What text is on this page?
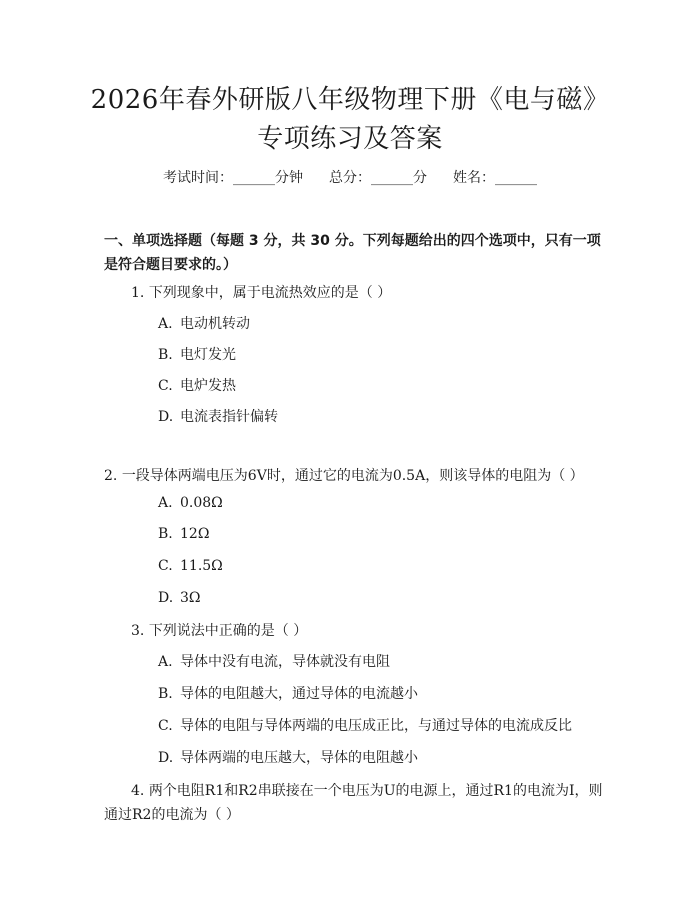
2026年春外研版八年级物理下册《电与磁》
专项练习及答案
考试时间：______分钟 总分：______分 姓名：______
一、单项选择题（每题 3 分，共 30 分。下列每题给出的四个选项中，只有一项是符合题目要求的。）
1. 下列现象中，属于电流热效应的是（ ）
A. 电动机转动
B. 电灯发光
C. 电炉发热
D. 电流表指针偏转
2. 一段导体两端电压为6V时，通过它的电流为0.5A，则该导体的电阻为（ ）
A. 0.08Ω
B. 12Ω
C. 11.5Ω
D. 3Ω
3. 下列说法中正确的是（ ）
A. 导体中没有电流，导体就没有电阻
B. 导体的电阻越大，通过导体的电流越小
C. 导体的电阻与导体两端的电压成正比，与通过导体的电流成反比
D. 导体两端的电压越大，导体的电阻越小
4. 两个电阻R1和R2串联接在一个电压为U的电源上，通过R1的电流为I，则通过R2的电流为（ ）
